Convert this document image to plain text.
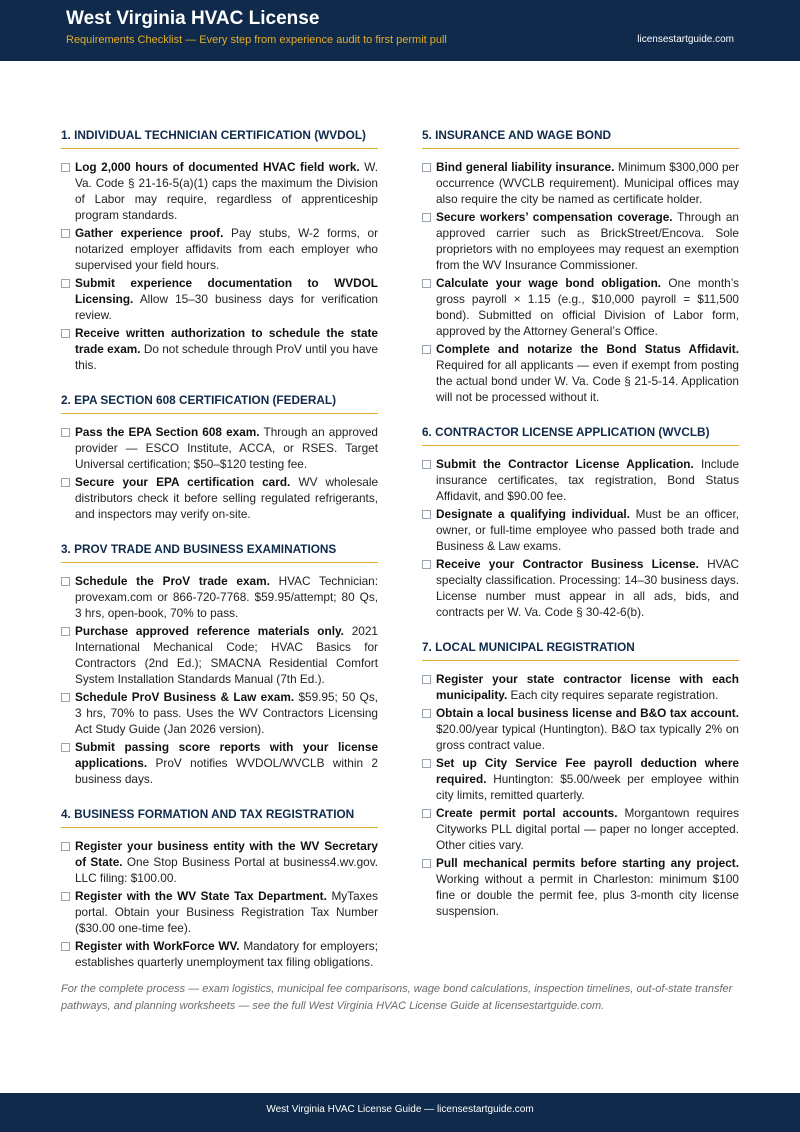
West Virginia HVAC License
Requirements Checklist — Every step from experience audit to first permit pull	licensestartguide.com
1. INDIVIDUAL TECHNICIAN CERTIFICATION (WVDOL)
Log 2,000 hours of documented HVAC field work. W. Va. Code § 21-16-5(a)(1) caps the maximum the Division of Labor may require, regardless of apprenticeship program standards.
Gather experience proof. Pay stubs, W-2 forms, or notarized employer affidavits from each employer who supervised your field hours.
Submit experience documentation to WVDOL Licensing. Allow 15–30 business days for verification review.
Receive written authorization to schedule the state trade exam. Do not schedule through ProV until you have this.
2. EPA SECTION 608 CERTIFICATION (FEDERAL)
Pass the EPA Section 608 exam. Through an approved provider — ESCO Institute, ACCA, or RSES. Target Universal certification; $50–$120 testing fee.
Secure your EPA certification card. WV wholesale distributors check it before selling regulated refrigerants, and inspectors may verify on-site.
3. PROV TRADE AND BUSINESS EXAMINATIONS
Schedule the ProV trade exam. HVAC Technician: provexam.com or 866-720-7768. $59.95/attempt; 80 Qs, 3 hrs, open-book, 70% to pass.
Purchase approved reference materials only. 2021 International Mechanical Code; HVAC Basics for Contractors (2nd Ed.); SMACNA Residential Comfort System Installation Standards Manual (7th Ed.).
Schedule ProV Business & Law exam. $59.95; 50 Qs, 3 hrs, 70% to pass. Uses the WV Contractors Licensing Act Study Guide (Jan 2026 version).
Submit passing score reports with your license applications. ProV notifies WVDOL/WVCLB within 2 business days.
4. BUSINESS FORMATION AND TAX REGISTRATION
Register your business entity with the WV Secretary of State. One Stop Business Portal at business4.wv.gov. LLC filing: $100.00.
Register with the WV State Tax Department. MyTaxes portal. Obtain your Business Registration Tax Number ($30.00 one-time fee).
Register with WorkForce WV. Mandatory for employers; establishes quarterly unemployment tax filing obligations.
5. INSURANCE AND WAGE BOND
Bind general liability insurance. Minimum $300,000 per occurrence (WVCLB requirement). Municipal offices may also require the city be named as certificate holder.
Secure workers’ compensation coverage. Through an approved carrier such as BrickStreet/Encova. Sole proprietors with no employees may request an exemption from the WV Insurance Commissioner.
Calculate your wage bond obligation. One month’s gross payroll × 1.15 (e.g., $10,000 payroll = $11,500 bond). Submitted on official Division of Labor form, approved by the Attorney General’s Office.
Complete and notarize the Bond Status Affidavit. Required for all applicants — even if exempt from posting the actual bond under W. Va. Code § 21-5-14. Application will not be processed without it.
6. CONTRACTOR LICENSE APPLICATION (WVCLB)
Submit the Contractor License Application. Include insurance certificates, tax registration, Bond Status Affidavit, and $90.00 fee.
Designate a qualifying individual. Must be an officer, owner, or full-time employee who passed both trade and Business & Law exams.
Receive your Contractor Business License. HVAC specialty classification. Processing: 14–30 business days. License number must appear in all ads, bids, and contracts per W. Va. Code § 30-42-6(b).
7. LOCAL MUNICIPAL REGISTRATION
Register your state contractor license with each municipality. Each city requires separate registration.
Obtain a local business license and B&O tax account. $20.00/year typical (Huntington). B&O tax typically 2% on gross contract value.
Set up City Service Fee payroll deduction where required. Huntington: $5.00/week per employee within city limits, remitted quarterly.
Create permit portal accounts. Morgantown requires Cityworks PLL digital portal — paper no longer accepted. Other cities vary.
Pull mechanical permits before starting any project. Working without a permit in Charleston: minimum $100 fine or double the permit fee, plus 3-month city license suspension.
For the complete process — exam logistics, municipal fee comparisons, wage bond calculations, inspection timelines, out-of-state transfer pathways, and planning worksheets — see the full West Virginia HVAC License Guide at licensestartguide.com.
West Virginia HVAC License Guide — licensestartguide.com
